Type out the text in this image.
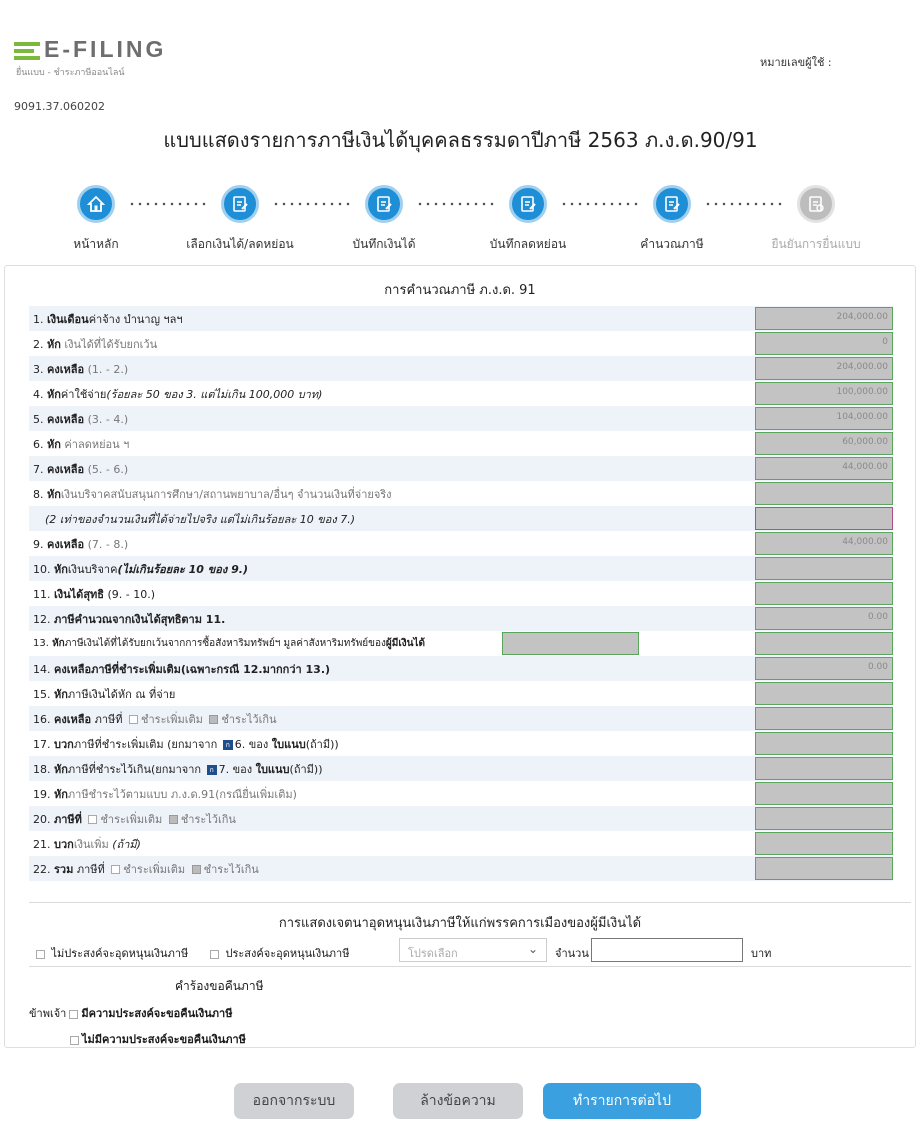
E-FILING
ยื่นแบบ - ชำระภาษีออนไลน์
หมายเลขผู้ใช้ :
9091.37.060202
แบบแสดงรายการภาษีเงินได้บุคคลธรรมดาปีภาษี 2563 ภ.ง.ด.90/91
หน้าหลัก	เลือกเงินได้/ลดหย่อน	บันทึกเงินได้	บันทึกลดหย่อน	คำนวณภาษี	ยืนยันการยื่นแบบ
การคำนวณภาษี ภ.ง.ด. 91
1. เงินเดือนค่าจ้าง บำนาญ ฯลฯ	204,000.00
2. หัก เงินได้ที่ได้รับยกเว้น	0
3. คงเหลือ (1. - 2.)	204,000.00
4. หักค่าใช้จ่าย(ร้อยละ 50 ของ 3. แต่ไม่เกิน 100,000 บาท)	100,000.00
5. คงเหลือ (3. - 4.)	104,000.00
6. หัก ค่าลดหย่อน ฯ	60,000.00
7. คงเหลือ (5. - 6.)	44,000.00
8. หักเงินบริจาคสนับสนุนการศึกษา/สถานพยาบาล/อื่นๆ จำนวนเงินที่จ่ายจริง
(2 เท่าของจำนวนเงินที่ได้จ่ายไปจริง แต่ไม่เกินร้อยละ 10 ของ 7.)
9. คงเหลือ (7. - 8.)	44,000.00
10. หักเงินบริจาค(ไม่เกินร้อยละ 10 ของ 9.)
11. เงินได้สุทธิ (9. - 10.)
12. ภาษีคำนวณจากเงินได้สุทธิตาม 11.	0.00
13. หักภาษีเงินได้ที่ได้รับยกเว้นจากการซื้อสังหาริมทรัพย์ฯ มูลค่าสังหาริมทรัพย์ของผู้มีเงินได้
14. คงเหลือภาษีที่ชำระเพิ่มเติม(เฉพาะกรณี 12.มากกว่า 13.)	0.00
15. หักภาษีเงินได้หัก ณ ที่จ่าย
16. คงเหลือ ภาษีที่ ชำระเพิ่มเติม ชำระไว้เกิน
17. บวกภาษีที่ชำระเพิ่มเติม (ยกมาจาก ก 6. ของ ใบแนบ(ถ้ามี))
18. หักภาษีที่ชำระไว้เกิน(ยกมาจาก ก 7. ของ ใบแนบ(ถ้ามี))
19. หักภาษีชำระไว้ตามแบบ ภ.ง.ด.91(กรณียื่นเพิ่มเติม)
20. ภาษีที่ ชำระเพิ่มเติม ชำระไว้เกิน
21. บวกเงินเพิ่ม (ถ้ามี)
22. รวม ภาษีที่ ชำระเพิ่มเติม ชำระไว้เกิน
การแสดงเจตนาอุดหนุนเงินภาษีให้แก่พรรคการเมืองของผู้มีเงินได้
ไม่ประสงค์จะอุดหนุนเงินภาษี	ประสงค์จะอุดหนุนเงินภาษี	โปรดเลือก	⌄ จำนวน	บาท
คำร้องขอคืนภาษี
ข้าพเจ้า มีความประสงค์จะขอคืนเงินภาษี
ไม่มีความประสงค์จะขอคืนเงินภาษี
ออกจากระบบ	ล้างข้อความ	ทำรายการต่อไป
